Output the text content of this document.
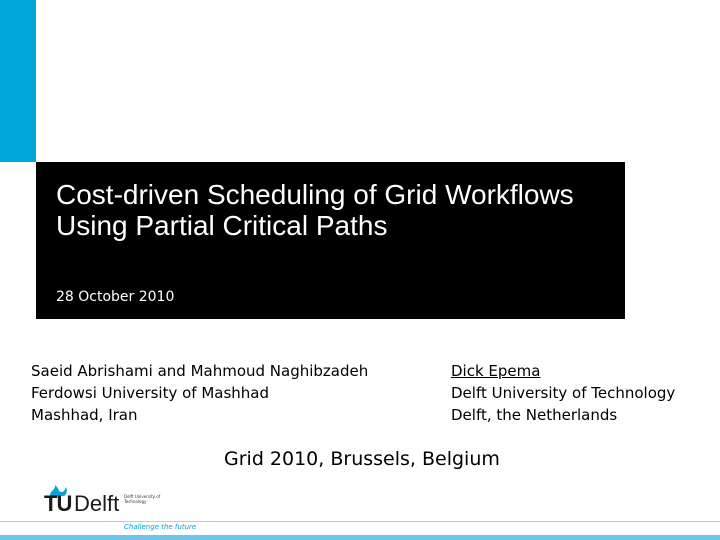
Cost-driven Scheduling of Grid Workflows Using Partial Critical Paths
28 October 2010
Saeid Abrishami and Mahmoud Naghibzadeh
Ferdowsi University of Mashhad
Mashhad, Iran
Dick Epema
Delft University of Technology
Delft, the Netherlands
Grid 2010, Brussels, Belgium
TU Delft Delft University of Technology
Challenge the future
